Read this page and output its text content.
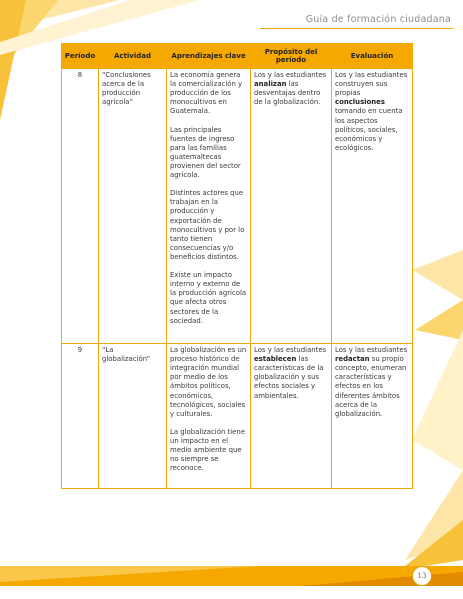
Guía de formación ciudadana
Período	Actividad	Aprendizajes clave	Propósito del período	Evaluación
8	“Conclusiones acerca de la producción agrícola”	La economía genera la comercialización y producción de los monocultivos en Guatemala.
Las principales fuentes de ingreso para las familias guatemaltecas provienen del sector agrícola.
Distintos actores que trabajan en la producción y exportación de monocultivos y por lo tanto tienen consecuencias y/o beneficios distintos.
Existe un impacto interno y externo de la producción agrícola que afecta otros sectores de la sociedad.	Los y las estudiantes analizan las desventajas dentro de la globalización.	Los y las estudiantes construyen sus propias conclusiones tomando en cuenta los aspectos políticos, sociales, económicos y ecológicos.
9	“La globalización”	La globalización es un proceso histórico de integración mundial por medio de los ámbitos políticos, económicos, tecnológicos, sociales y culturales.
La globalización tiene un impacto en el medio ambiente que no siempre se reconoce.	Los y las estudiantes establecen las características de la globalización y sus efectos sociales y ambientales.	Los y las estudiantes redactan su propio concepto, enumeran características y efectos en los diferentes ámbitos acerca de la globalización.
13
